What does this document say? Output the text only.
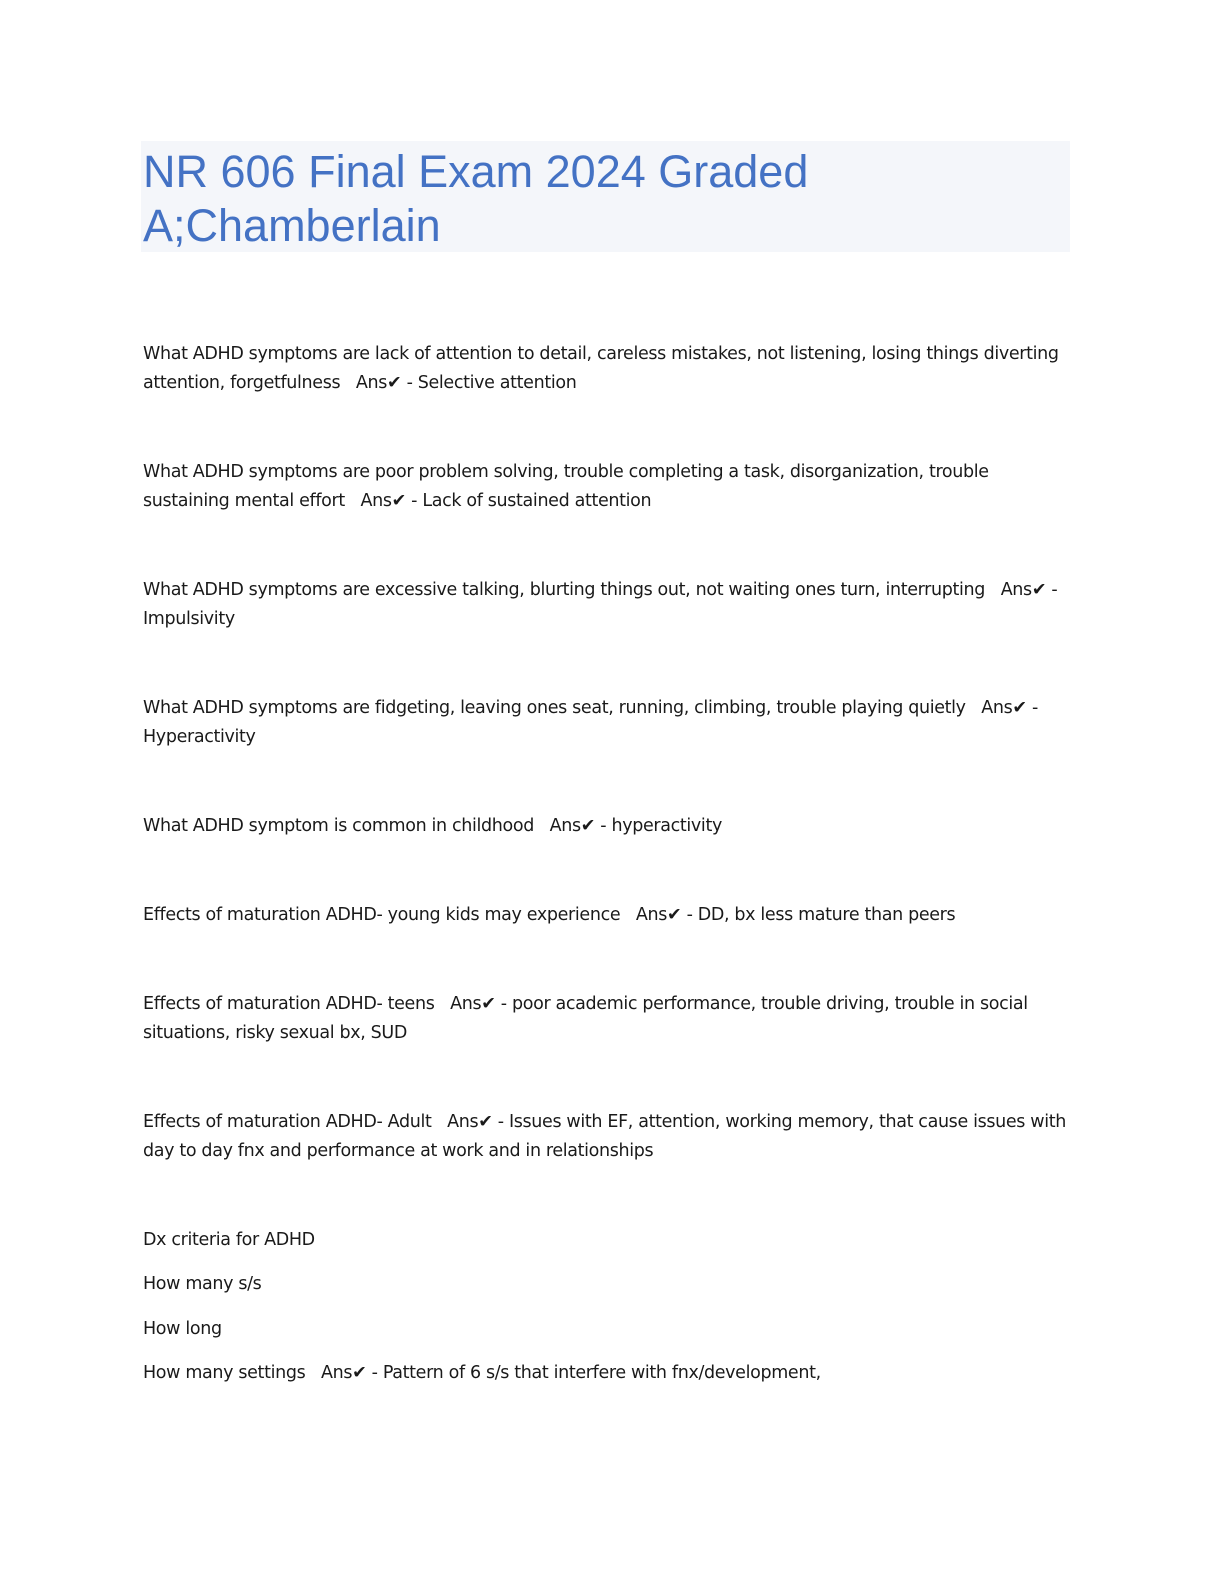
NR 606 Final Exam 2024 Graded A;Chamberlain

What ADHD symptoms are lack of attention to detail, careless mistakes, not listening, losing things diverting attention, forgetfulness Ans✔ - Selective attention

What ADHD symptoms are poor problem solving, trouble completing a task, disorganization, trouble sustaining mental effort Ans✔ - Lack of sustained attention

What ADHD symptoms are excessive talking, blurting things out, not waiting ones turn, interrupting Ans✔ - Impulsivity

What ADHD symptoms are fidgeting, leaving ones seat, running, climbing, trouble playing quietly Ans✔ - Hyperactivity

What ADHD symptom is common in childhood Ans✔ - hyperactivity

Effects of maturation ADHD- young kids may experience Ans✔ - DD, bx less mature than peers

Effects of maturation ADHD- teens Ans✔ - poor academic performance, trouble driving, trouble in social situations, risky sexual bx, SUD

Effects of maturation ADHD- Adult Ans✔ - Issues with EF, attention, working memory, that cause issues with day to day fnx and performance at work and in relationships

Dx criteria for ADHD

How many s/s

How long

How many settings Ans✔ - Pattern of 6 s/s that interfere with fnx/development,
